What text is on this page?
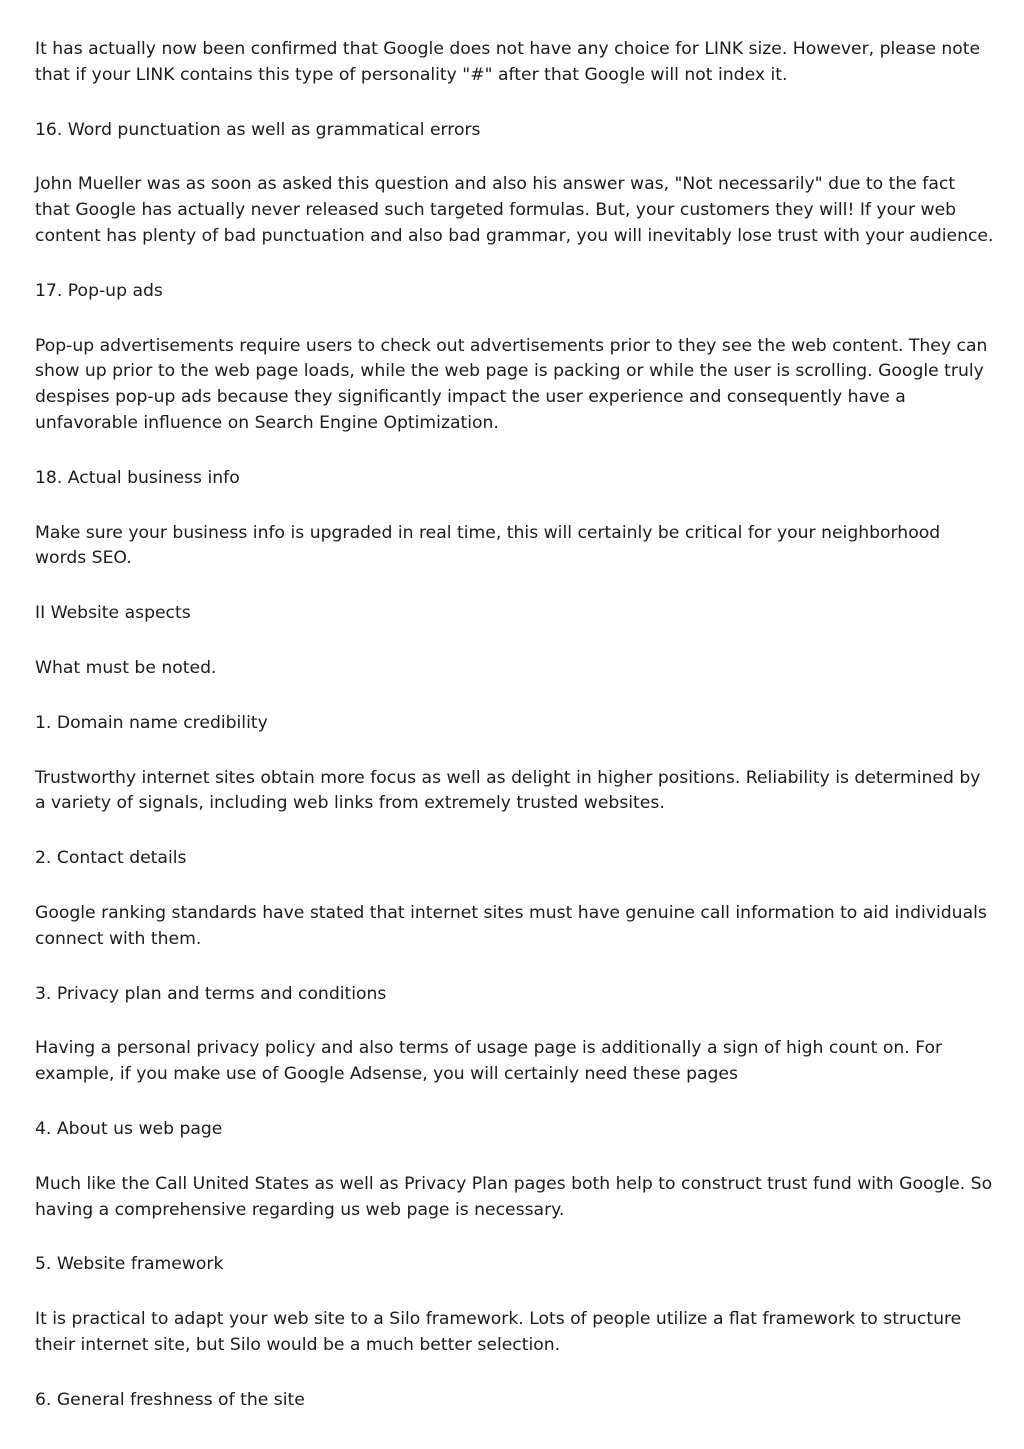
It has actually now been confirmed that Google does not have any choice for LINK size. However, please note that if your LINK contains this type of personality "#" after that Google will not index it.

16. Word punctuation as well as grammatical errors

John Mueller was as soon as asked this question and also his answer was, "Not necessarily" due to the fact that Google has actually never released such targeted formulas. But, your customers they will! If your web content has plenty of bad punctuation and also bad grammar, you will inevitably lose trust with your audience.

17. Pop-up ads

Pop-up advertisements require users to check out advertisements prior to they see the web content. They can show up prior to the web page loads, while the web page is packing or while the user is scrolling. Google truly despises pop-up ads because they significantly impact the user experience and consequently have a unfavorable influence on Search Engine Optimization.

18. Actual business info

Make sure your business info is upgraded in real time, this will certainly be critical for your neighborhood words SEO.

II Website aspects

What must be noted.

1. Domain name credibility

Trustworthy internet sites obtain more focus as well as delight in higher positions. Reliability is determined by a variety of signals, including web links from extremely trusted websites.

2. Contact details

Google ranking standards have stated that internet sites must have genuine call information to aid individuals connect with them.

3. Privacy plan and terms and conditions

Having a personal privacy policy and also terms of usage page is additionally a sign of high count on. For example, if you make use of Google Adsense, you will certainly need these pages

4. About us web page

Much like the Call United States as well as Privacy Plan pages both help to construct trust fund with Google. So having a comprehensive regarding us web page is necessary.

5. Website framework

It is practical to adapt your web site to a Silo framework. Lots of people utilize a flat framework to structure their internet site, but Silo would be a much better selection.

6. General freshness of the site
